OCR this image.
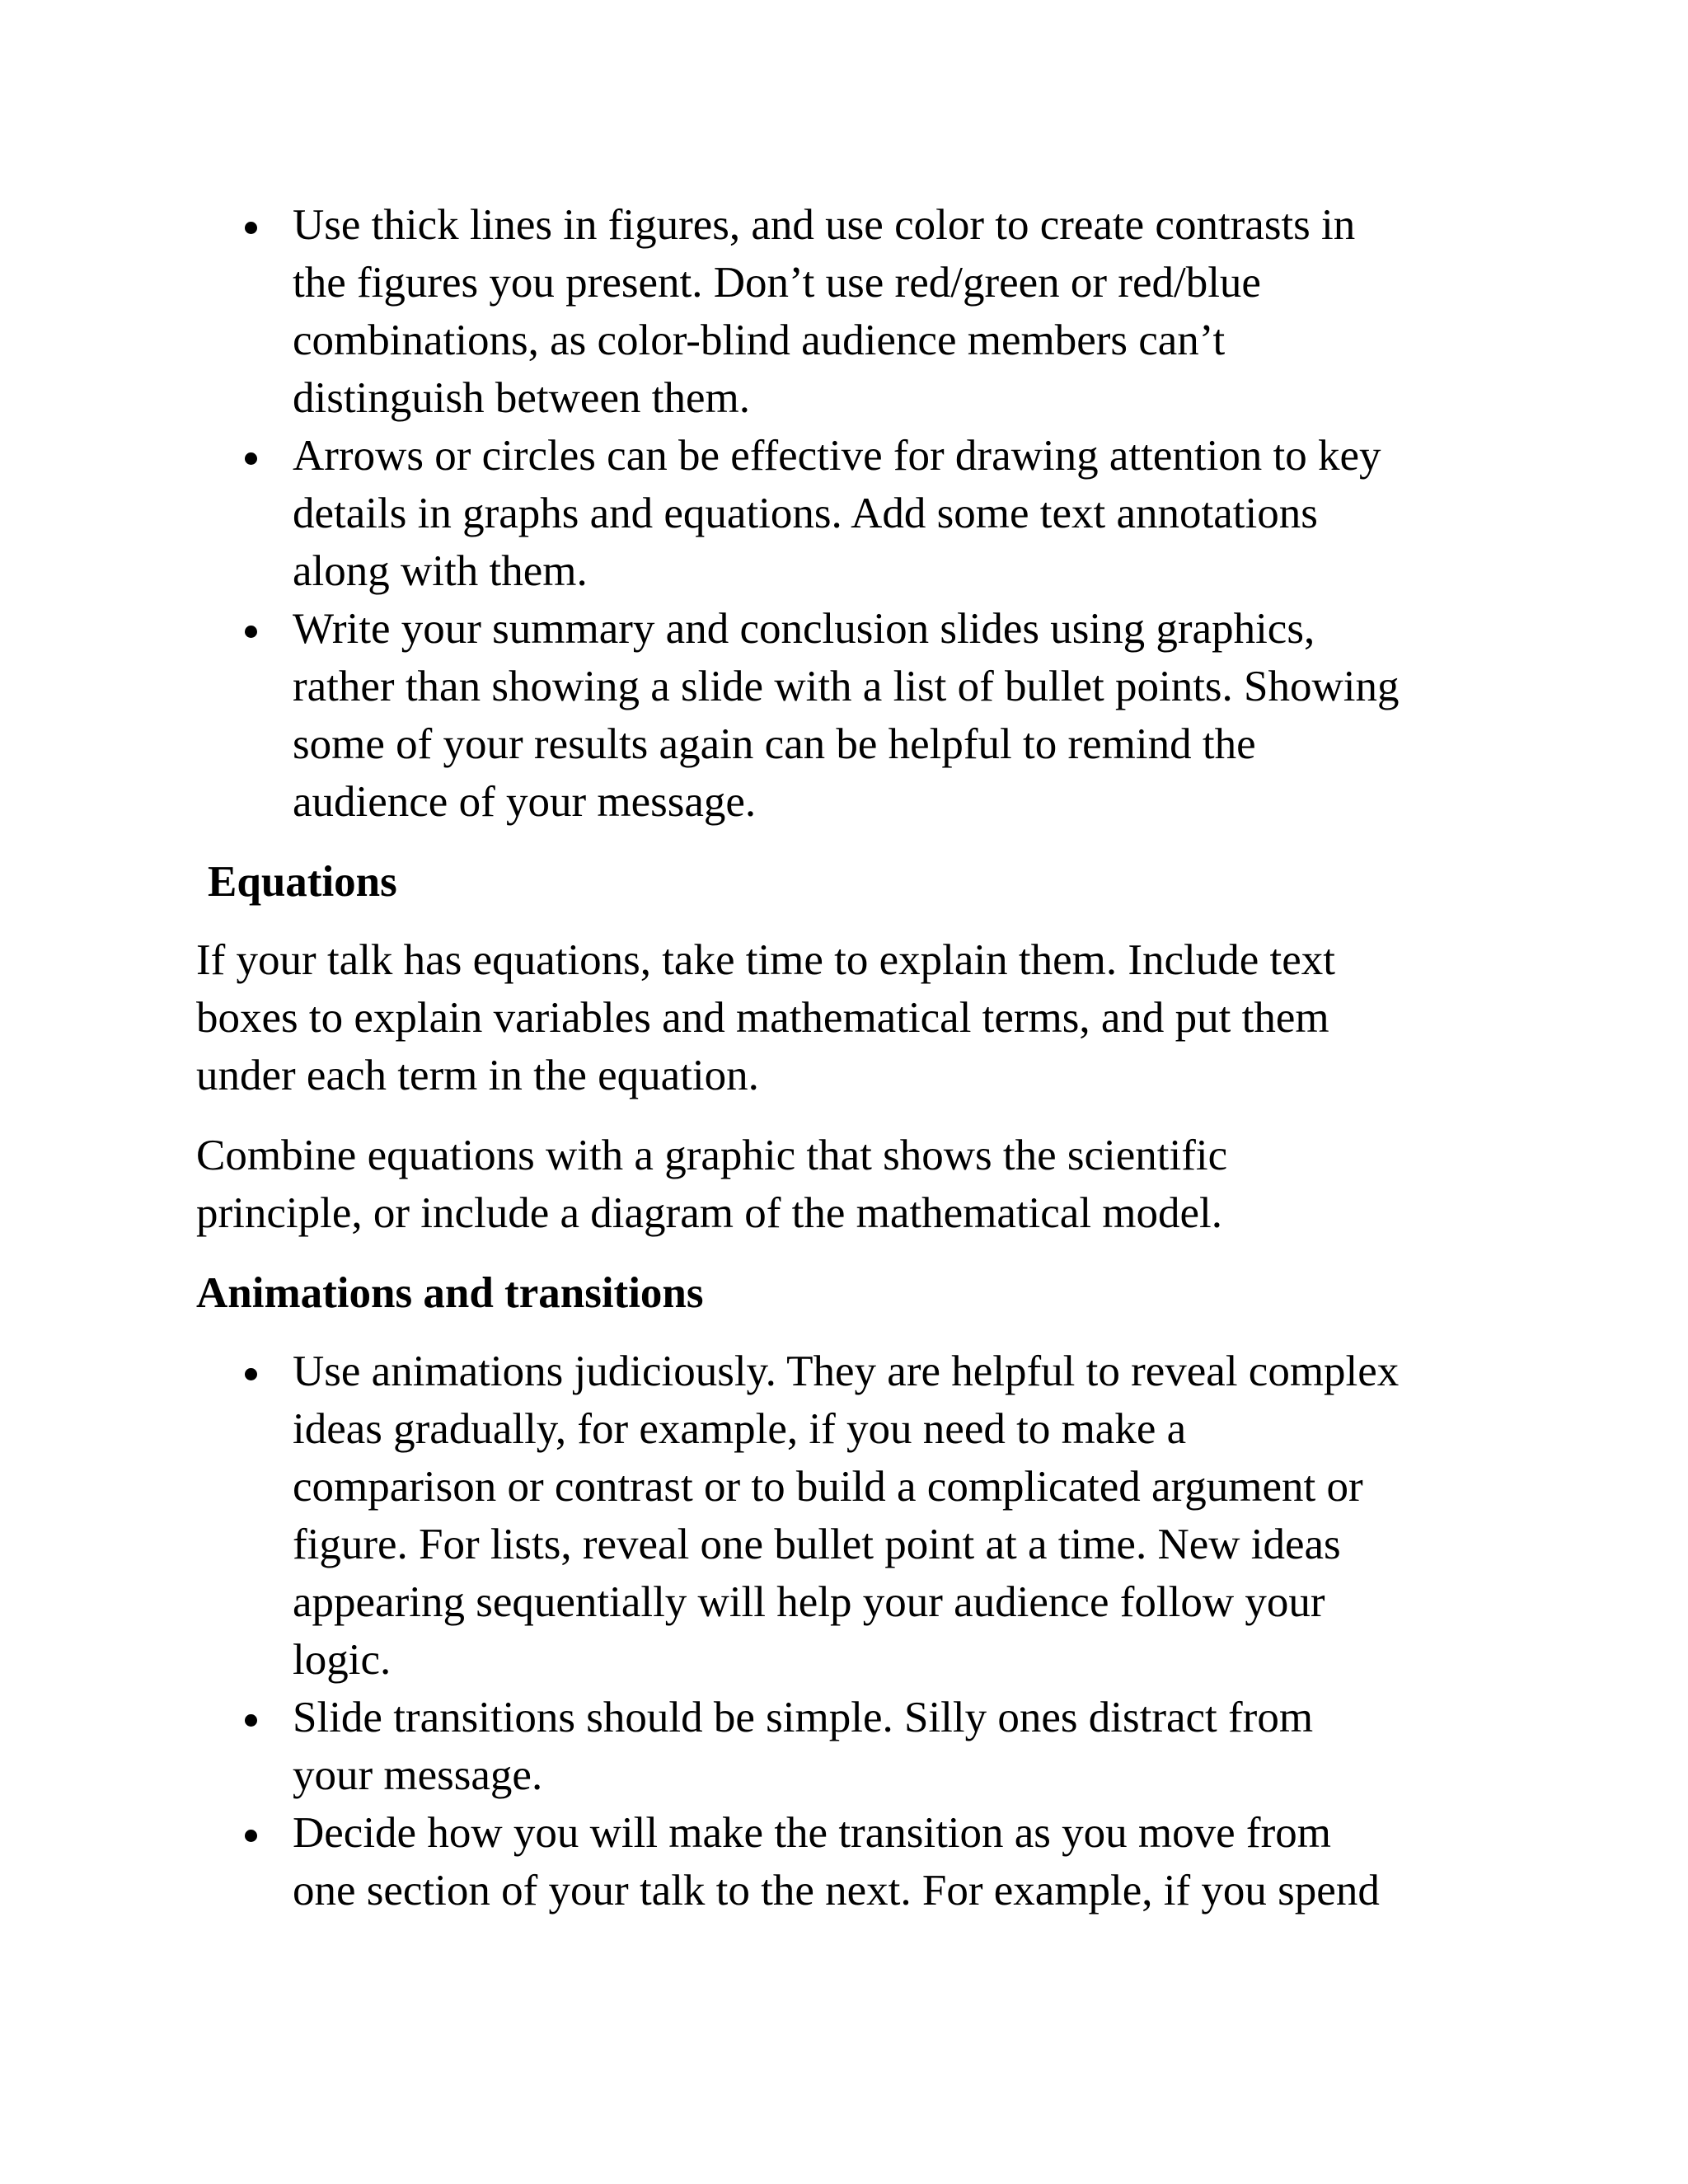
Use thick lines in figures, and use color to create contrasts in
the figures you present. Don’t use red/green or red/blue
combinations, as color-blind audience members can’t
distinguish between them.
Arrows or circles can be effective for drawing attention to key
details in graphs and equations. Add some text annotations
along with them.
Write your summary and conclusion slides using graphics,
rather than showing a slide with a list of bullet points. Showing
some of your results again can be helpful to remind the
audience of your message.
Equations

If your talk has equations, take time to explain them. Include text
boxes to explain variables and mathematical terms, and put them
under each term in the equation.

Combine equations with a graphic that shows the scientific
principle, or include a diagram of the mathematical model.

Animations and transitions
Use animations judiciously. They are helpful to reveal complex
ideas gradually, for example, if you need to make a
comparison or contrast or to build a complicated argument or
figure. For lists, reveal one bullet point at a time. New ideas
appearing sequentially will help your audience follow your
logic.
Slide transitions should be simple. Silly ones distract from
your message.
Decide how you will make the transition as you move from
one section of your talk to the next. For example, if you spend
